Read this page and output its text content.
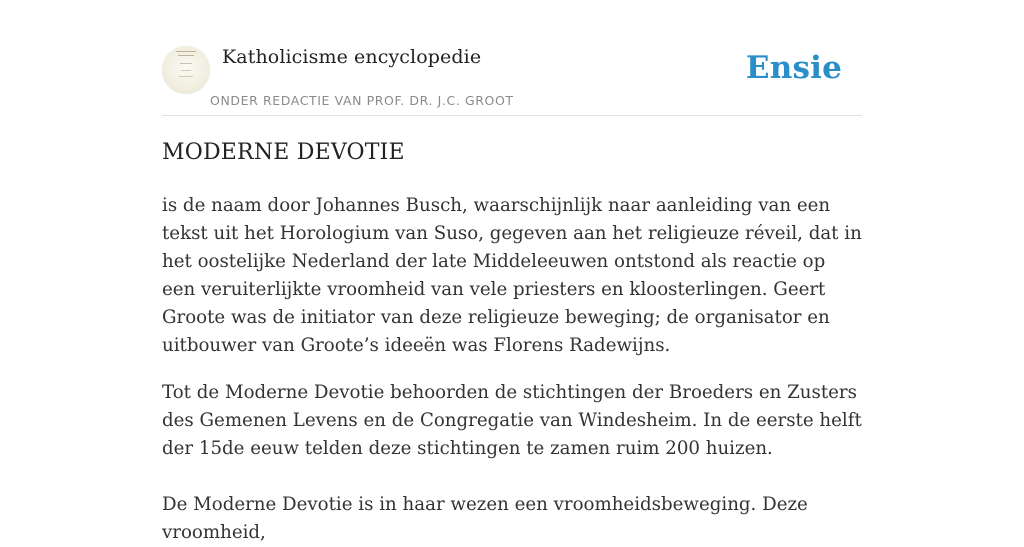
Katholicisme encyclopedie
ONDER REDACTIE VAN PROF. DR. J.C. GROOT
Ensie
MODERNE DEVOTIE

is de naam door Johannes Busch, waarschijnlijk naar aanleiding van een tekst uit het Horologium van Suso, gegeven aan het religieuze réveil, dat in het oostelijke Nederland der late Middeleeuwen ontstond als reactie op een veruiterlijkte vroomheid van vele priesters en kloosterlingen. Geert Groote was de initiator van deze religieuze beweging; de organisator en uitbouwer van Groote’s ideeën was Florens Radewijns.

Tot de Moderne Devotie behoorden de stichtingen der Broeders en Zusters des Gemenen Levens en de Congregatie van Windesheim. In de eerste helft der 15de eeuw telden deze stichtingen te zamen ruim 200 huizen.

De Moderne Devotie is in haar wezen een vroomheidsbeweging. Deze vroomheid,
